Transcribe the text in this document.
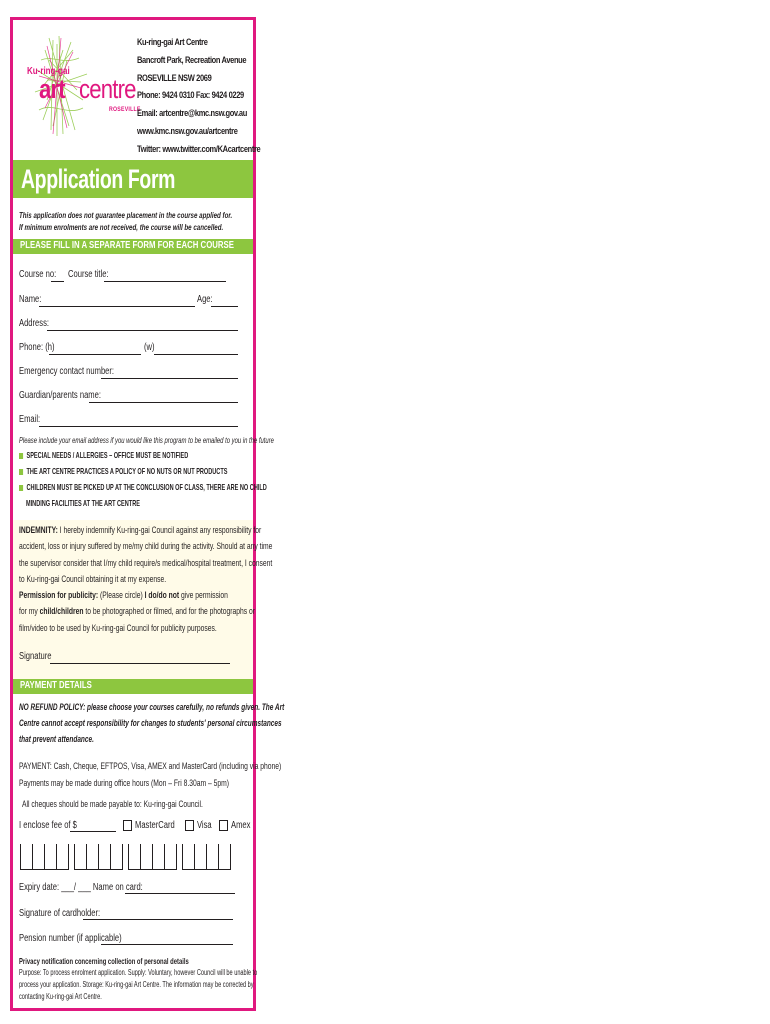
Ku-ring-gai
art centre
ROSEVILLE
Ku-ring-gai Art Centre
Bancroft Park, Recreation Avenue
ROSEVILLE NSW 2069
Phone: 9424 0310 Fax: 9424 0229
Email: artcentre@kmc.nsw.gov.au
www.kmc.nsw.gov.au/artcentre
Twitter: www.twitter.com/KAcartcentre
Application Form
This application does not guarantee placement in the course applied for.
If minimum enrolments are not received, the course will be cancelled.
PLEASE FILL IN A SEPARATE FORM FOR EACH COURSE
Course no: Course title:
Name:	Age:
Address:
Phone: (h)	(w)
Emergency contact number:
Guardian/parents name:
Email:
Please include your email address if you would like this program to be emailed to you in the future
SPECIAL NEEDS / ALLERGIES – OFFICE MUST BE NOTIFIED
THE ART CENTRE PRACTICES A POLICY OF NO NUTS OR NUT PRODUCTS
CHILDREN MUST BE PICKED UP AT THE CONCLUSION OF CLASS, THERE ARE NO CHILD
MINDING FACILITIES AT THE ART CENTRE
INDEMNITY: I hereby indemnify Ku-ring-gai Council against any responsibility for
accident, loss or injury suffered by me/my child during the activity. Should at any time
the supervisor consider that I/my child require/s medical/hospital treatment, I consent
to Ku-ring-gai Council obtaining it at my expense.
Permission for publicity: (Please circle) I do/do not give permission
for my child/children to be photographed or filmed, and for the photographs or
film/video to be used by Ku-ring-gai Council for publicity purposes.
Signature
PAYMENT DETAILS
NO REFUND POLICY: please choose your courses carefully, no refunds given. The Art
Centre cannot accept responsibility for changes to students' personal circumstances
that prevent attendance.
PAYMENT: Cash, Cheque, EFTPOS, Visa, AMEX and MasterCard (including via phone)
Payments may be made during office hours (Mon – Fri 8.30am – 5pm)
All cheques should be made payable to: Ku-ring-gai Council.
I enclose fee of $	MasterCard Visa Amex
Expiry date: ___/ ___ Name on card:
Signature of cardholder:
Pension number (if applicable)
Privacy notification concerning collection of personal details
Purpose: To process enrolment application. Supply: Voluntary, however Council will be unable to
process your application. Storage: Ku-ring-gai Art Centre. The information may be corrected by
contacting Ku-ring-gai Art Centre.
